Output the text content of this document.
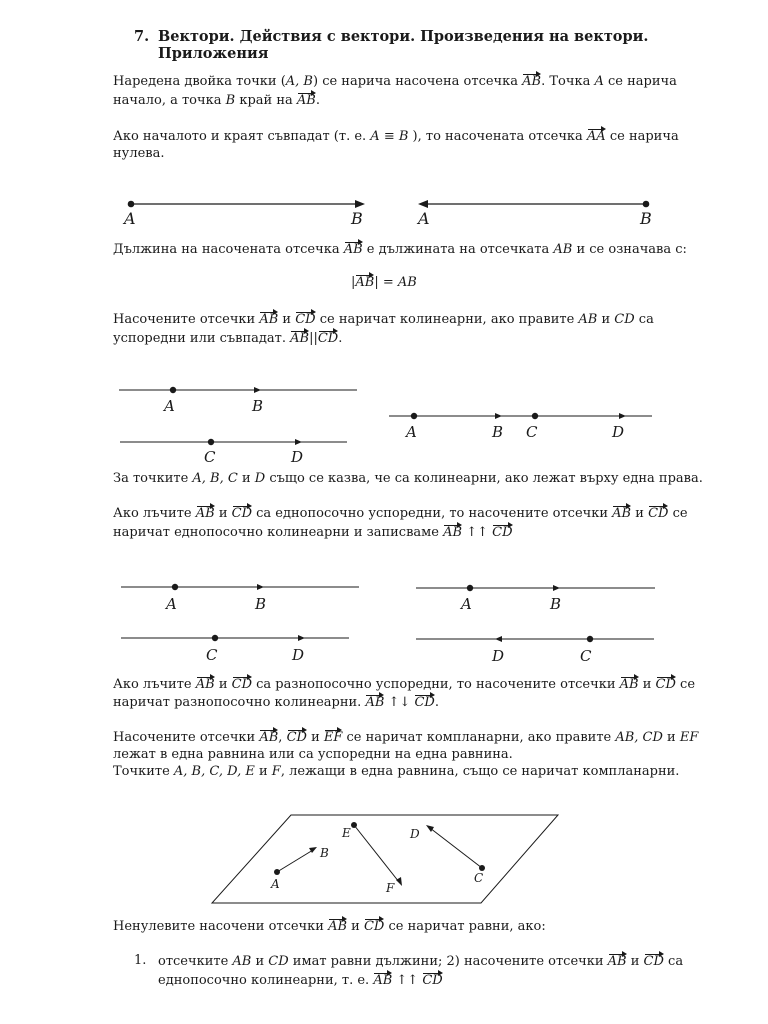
7. Вектори. Действия с вектори. Произведения на вектори.
Приложения
Наредена двойка точки (A, B) се нарича насочена отсечка AB. Точка A се нарича
начало, а точка B край на AB.
Ако началото и краят съвпадат (т. е. A ≡ B ), то насочената отсечка AA се нарича
нулева.
A	B	A	B
Дължина на насочената отсечка AB е дължината на отсечката AB и се означава с:
|AB| = AB
Насочените отсечки AB и CD се наричат колинеарни, ако правите AB и CD са
успоредни или съвпадат. AB||CD.
A	B
C	D
A	B C	D
За точките A, B, C и D също се казва, че са колинеарни, ако лежат върху една права.
Ако лъчите AB и CD са еднопосочно успоредни, то насочените отсечки AB и CD се
наричат еднопосочно колинеарни и записваме AB ↑↑ CD
A	B
C	D
A	B
D	C
Ако лъчите AB и CD са разнопосочно успоредни, то насочените отсечки AB и CD се
наричат разнопосочно колинеарни. AB ↑↓ CD.
Насочените отсечки AB, CD и EF се наричат компланарни, ако правите AB, CD и EF
лежат в една равнина или са успоредни на една равнина.
Точките A, B, C, D, E и F, лежащи в една равнина, също се наричат компланарни.
A
B
E
F
D
C
Ненулевите насочени отсечки AB и CD се наричат равни, ако:
1. отсечките AB и CD имат равни дължини; 2) насочените отсечки AB и CD са
еднопосочно колинеарни, т. е. AB ↑↑ CD
